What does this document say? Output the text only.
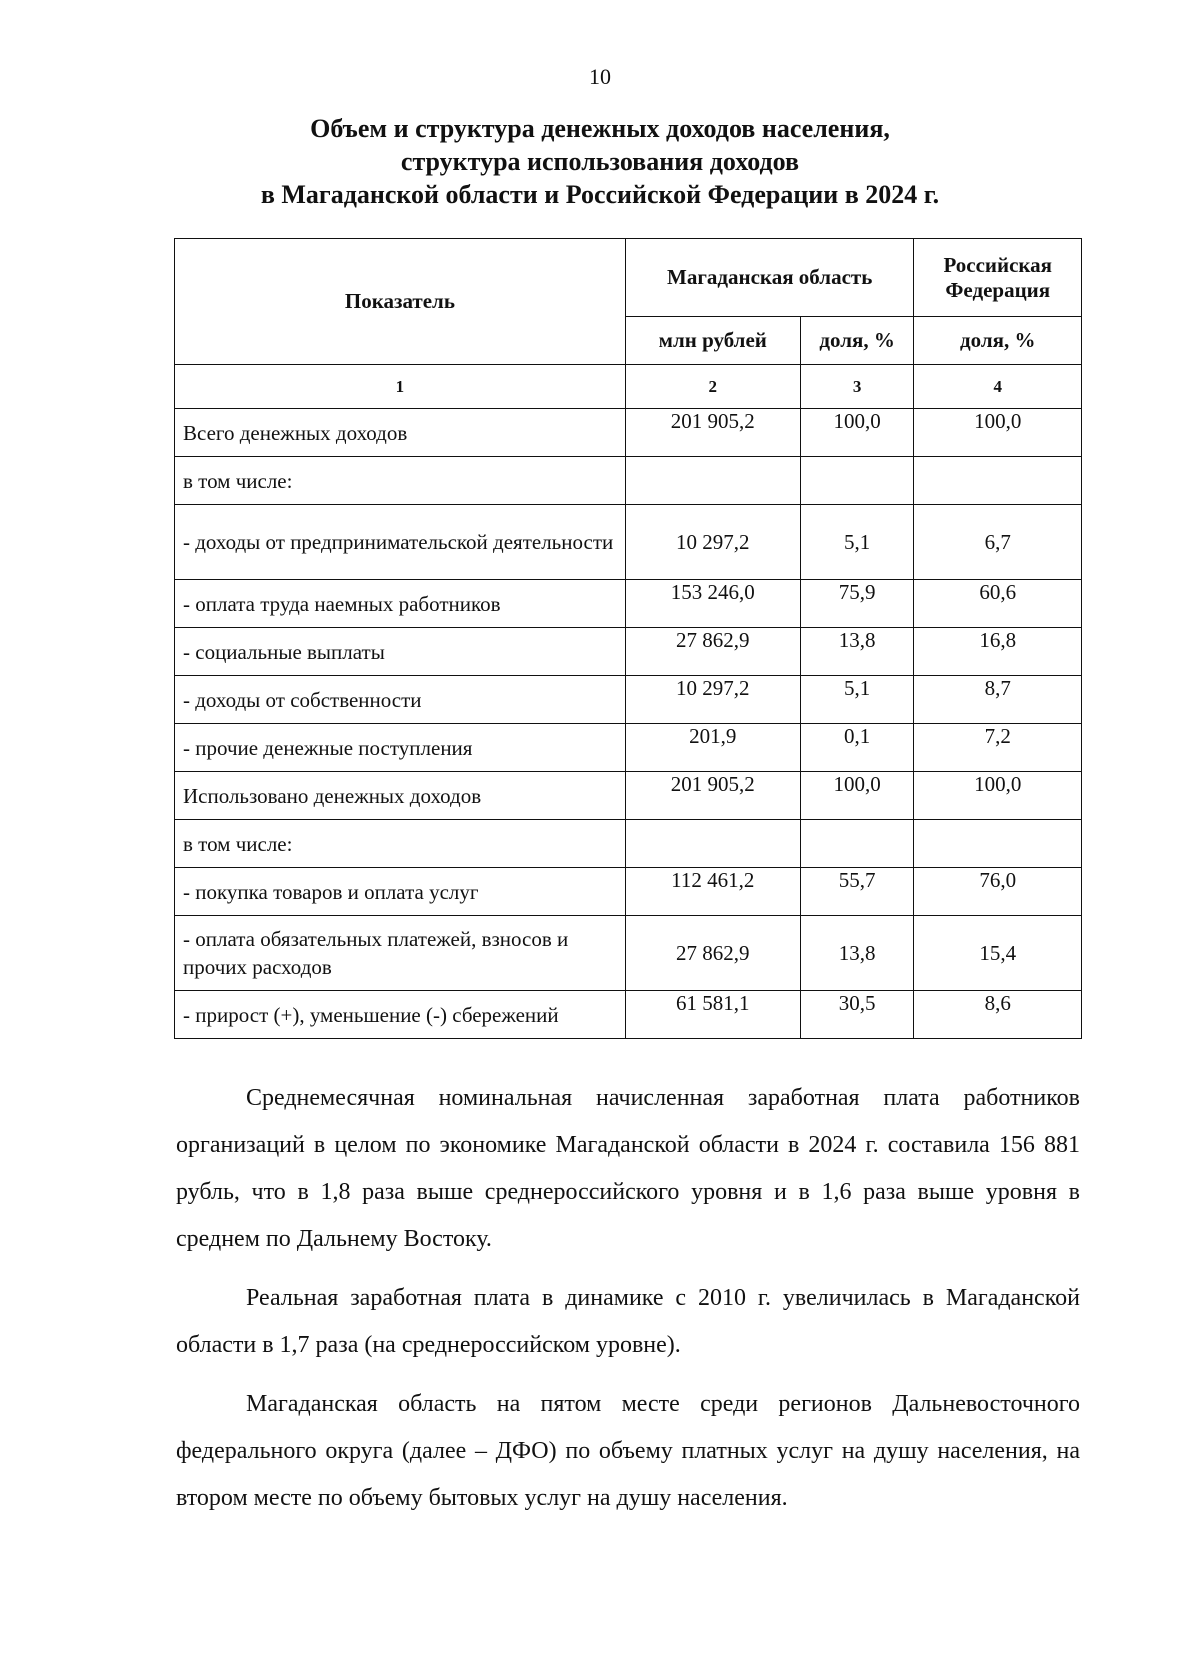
10
Объем и структура денежных доходов населения,
структура использования доходов
в Магаданской области и Российской Федерации в 2024 г.
Показатель	Магаданская область		Российская Федерация
	млн рублей	доля, %	доля, %
1	2	3	4
Всего денежных доходов	201 905,2	100,0	100,0
в том числе:			
- доходы от предпринимательской деятельности	10 297,2	5,1	6,7
- оплата труда наемных работников	153 246,0	75,9	60,6
- социальные выплаты	27 862,9	13,8	16,8
- доходы от собственности	10 297,2	5,1	8,7
- прочие денежные поступления	201,9	0,1	7,2
Использовано денежных доходов	201 905,2	100,0	100,0
в том числе:			
- покупка товаров и оплата услуг	112 461,2	55,7	76,0
- оплата обязательных платежей, взносов и прочих расходов	27 862,9	13,8	15,4
- прирост (+), уменьшение (-) сбережений	61 581,1	30,5	8,6

Среднемесячная номинальная начисленная заработная плата работников организаций в целом по экономике Магаданской области в 2024 г. составила 156 881 рубль, что в 1,8 раза выше среднероссийского уровня и в 1,6 раза выше уровня в среднем по Дальнему Востоку.

Реальная заработная плата в динамике с 2010 г. увеличилась в Магаданской области в 1,7 раза (на среднероссийском уровне).

Магаданская область на пятом месте среди регионов Дальневосточного федерального округа (далее – ДФО) по объему платных услуг на душу населения, на втором месте по объему бытовых услуг на душу населения.
